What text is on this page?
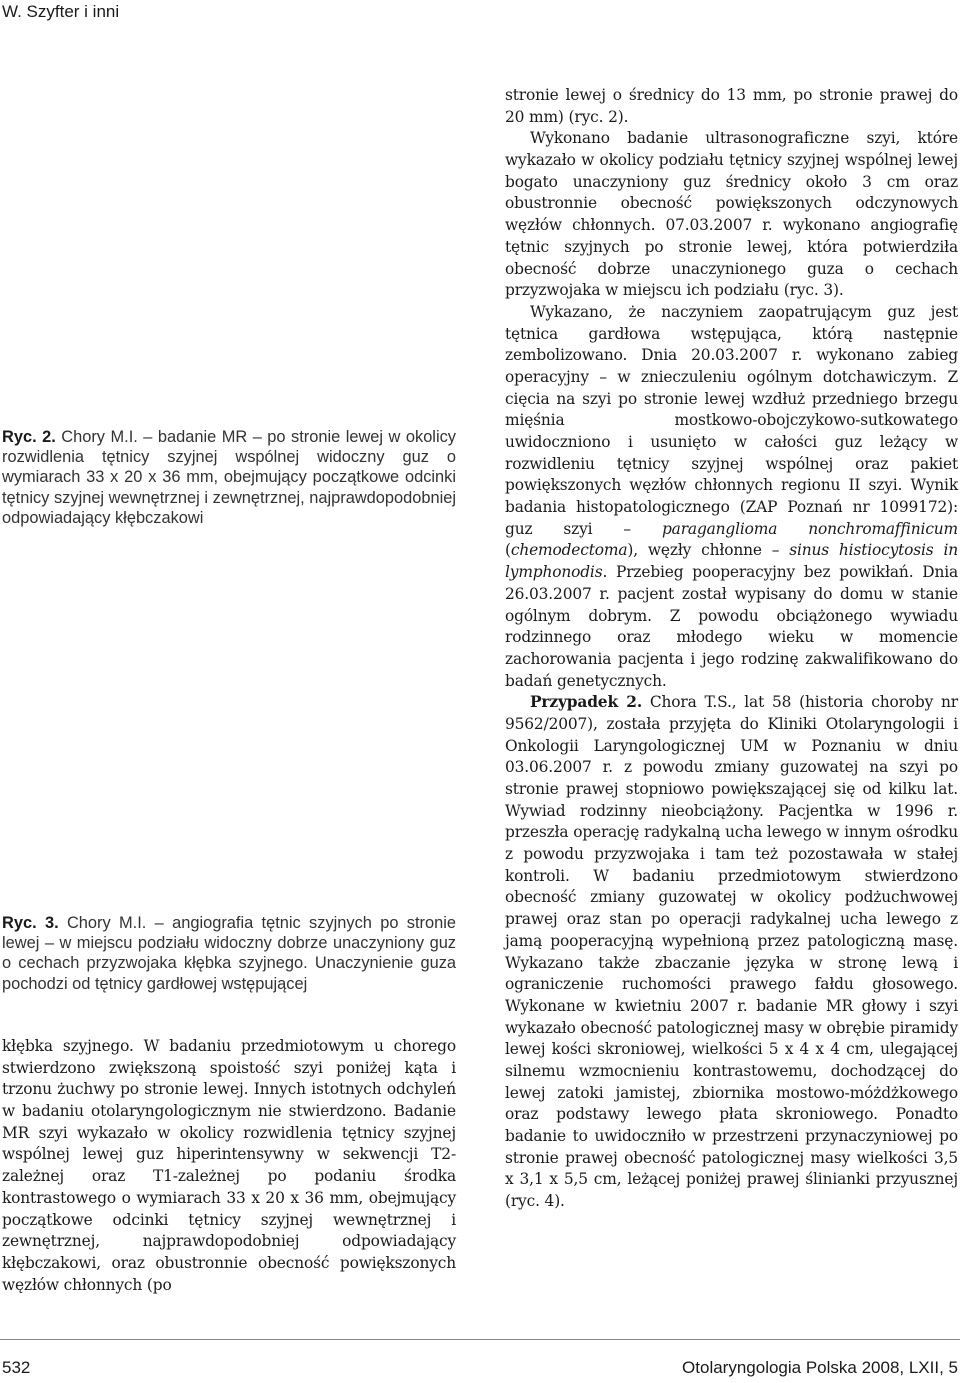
W. Szyfter i inni

Ryc. 2. Chory M.I. – badanie MR – po stronie lewej w okolicy rozwidlenia tętnicy szyjnej wspólnej widoczny guz o wymiarach 33 x 20 x 36 mm, obejmujący początkowe odcinki tętnicy szyjnej wewnętrznej i zewnętrznej, najprawdopodobniej odpowiadający kłębczakowi

Ryc. 3. Chory M.I. – angiografia tętnic szyjnych po stronie lewej – w miejscu podziału widoczny dobrze unaczyniony guz o cechach przyzwojaka kłębka szyjnego. Unaczynienie guza pochodzi od tętnicy gardłowej wstępującej

kłębka szyjnego. W badaniu przedmiotowym u chorego stwierdzono zwiększoną spoistość szyi poniżej kąta i trzonu żuchwy po stronie lewej. Innych istotnych odchyleń w badaniu otolaryngologicznym nie stwierdzono. Badanie MR szyi wykazało w okolicy rozwidlenia tętnicy szyjnej wspólnej lewej guz hiperintensywny w sekwencji T2-zależnej oraz T1-zależnej po podaniu środka kontrastowego o wymiarach 33 x 20 x 36 mm, obejmujący początkowe odcinki tętnicy szyjnej wewnętrznej i zewnętrznej, najprawdopodobniej odpowiadający kłębczakowi, oraz obustronnie obecność powiększonych węzłów chłonnych (po

stronie lewej o średnicy do 13 mm, po stronie prawej do 20 mm) (ryc. 2).

Wykonano badanie ultrasonograficzne szyi, które wykazało w okolicy podziału tętnicy szyjnej wspólnej lewej bogato unaczyniony guz średnicy około 3 cm oraz obustronnie obecność powiększonych odczynowych węzłów chłonnych. 07.03.2007 r. wykonano angiografię tętnic szyjnych po stronie lewej, która potwierdziła obecność dobrze unaczynionego guza o cechach przyzwojaka w miejscu ich podziału (ryc. 3).

Wykazano, że naczyniem zaopatrującym guz jest tętnica gardłowa wstępująca, którą następnie zembolizowano. Dnia 20.03.2007 r. wykonano zabieg operacyjny – w znieczuleniu ogólnym dotchawiczym. Z cięcia na szyi po stronie lewej wzdłuż przedniego brzegu mięśnia mostkowo-obojczykowo-sutkowatego uwidoczniono i usunięto w całości guz leżący w rozwidleniu tętnicy szyjnej wspólnej oraz pakiet powiększonych węzłów chłonnych regionu II szyi. Wynik badania histopatologicznego (ZAP Poznań nr 1099172): guz szyi – paraganglioma nonchromaffinicum (chemodectoma), węzły chłonne – sinus histiocytosis in lymphonodis. Przebieg pooperacyjny bez powikłań. Dnia 26.03.2007 r. pacjent został wypisany do domu w stanie ogólnym dobrym. Z powodu obciążonego wywiadu rodzinnego oraz młodego wieku w momencie zachorowania pacjenta i jego rodzinę zakwalifikowano do badań genetycznych.

Przypadek 2. Chora T.S., lat 58 (historia choroby nr 9562/2007), została przyjęta do Kliniki Otolaryngologii i Onkologii Laryngologicznej UM w Poznaniu w dniu 03.06.2007 r. z powodu zmiany guzowatej na szyi po stronie prawej stopniowo powiększającej się od kilku lat. Wywiad rodzinny nieobciążony. Pacjentka w 1996 r. przeszła operację radykalną ucha lewego w innym ośrodku z powodu przyzwojaka i tam też pozostawała w stałej kontroli. W badaniu przedmiotowym stwierdzono obecność zmiany guzowatej w okolicy podżuchwowej prawej oraz stan po operacji radykalnej ucha lewego z jamą pooperacyjną wypełnioną przez patologiczną masę. Wykazano także zbaczanie języka w stronę lewą i ograniczenie ruchomości prawego fałdu głosowego. Wykonane w kwietniu 2007 r. badanie MR głowy i szyi wykazało obecność patologicznej masy w obrębie piramidy lewej kości skroniowej, wielkości 5 x 4 x 4 cm, ulegającej silnemu wzmocnieniu kontrastowemu, dochodzącej do lewej zatoki jamistej, zbiornika mostowo-móżdżkowego oraz podstawy lewego płata skroniowego. Ponadto badanie to uwidoczniło w przestrzeni przynaczyniowej po stronie prawej obecność patologicznej masy wielkości 3,5 x 3,1 x 5,5 cm, leżącej poniżej prawej ślinianki przyusznej (ryc. 4).

532	Otolaryngologia Polska 2008, LXII, 5
